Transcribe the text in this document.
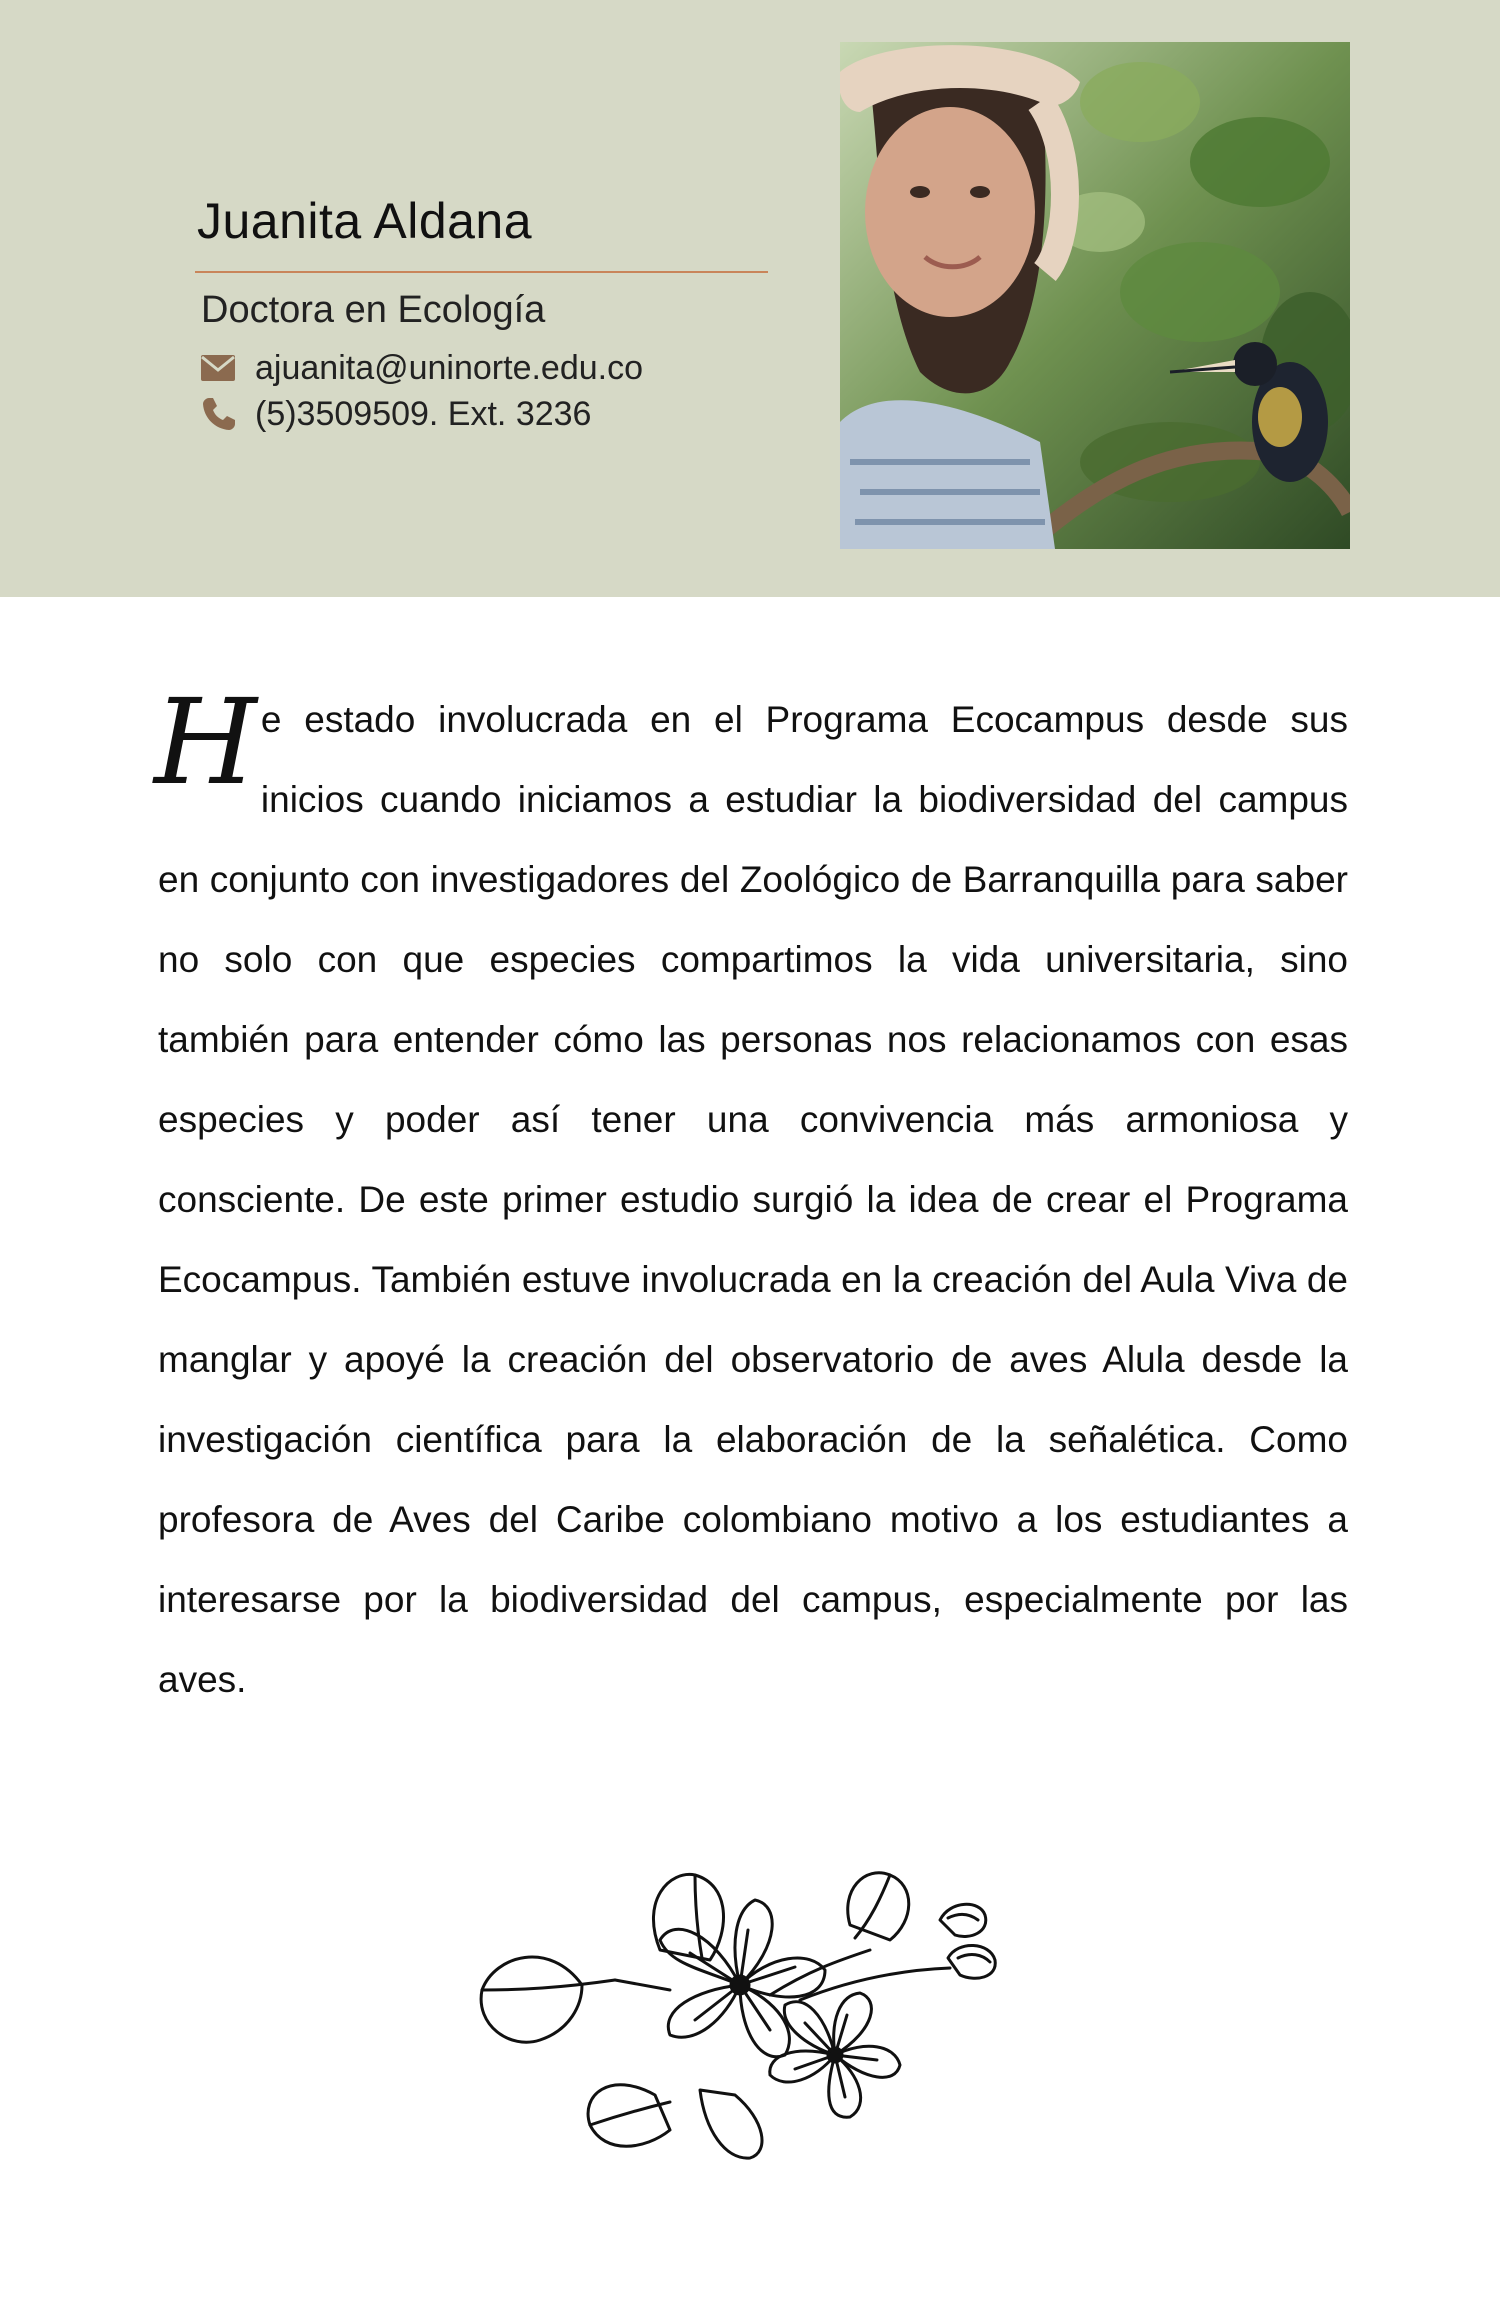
Juanita Aldana
Doctora en Ecología
ajuanita@uninorte.edu.co
(5)3509509. Ext. 3236
He estado involucrada en el Programa Ecocampus desde sus inicios cuando iniciamos a estudiar la biodiversidad del campus en conjunto con investigadores del Zoológico de Barranquilla para saber no solo con que especies compartimos la vida universitaria, sino también para entender cómo las personas nos relacionamos con esas especies y poder así tener una convivencia más armoniosa y consciente. De este primer estudio surgió la idea de crear el Programa Ecocampus. También estuve involucrada en la creación del Aula Viva de manglar y apoyé la creación del observatorio de aves Alula desde la investigación científica para la elaboración de la señalética. Como profesora de Aves del Caribe colombiano motivo a los estudiantes a interesarse por la biodiversidad del campus, especialmente por las aves.
